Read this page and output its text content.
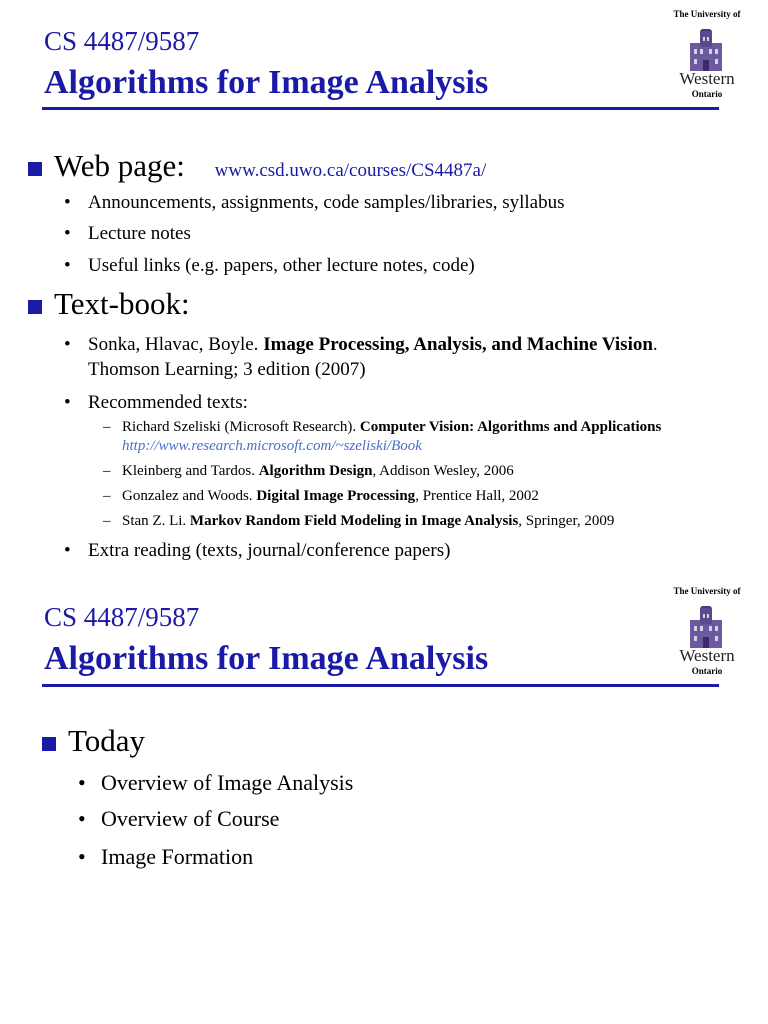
CS 4487/9587
Algorithms for Image Analysis
The University of
Western
Ontario
Web page: www.csd.uwo.ca/courses/CS4487a/
• Announcements, assignments, code samples/libraries, syllabus
• Lecture notes
• Useful links (e.g. papers, other lecture notes, code)
Text-book:
• Sonka, Hlavac, Boyle. Image Processing, Analysis, and Machine Vision.
Thomson Learning; 3 edition (2007)
• Recommended texts:
– Richard Szeliski (Microsoft Research). Computer Vision: Algorithms and Applications
http://www.research.microsoft.com/~szeliski/Book
– Kleinberg and Tardos. Algorithm Design, Addison Wesley, 2006
– Gonzalez and Woods. Digital Image Processing, Prentice Hall, 2002
– Stan Z. Li. Markov Random Field Modeling in Image Analysis, Springer, 2009
• Extra reading (texts, journal/conference papers)
CS 4487/9587
Algorithms for Image Analysis
The University of
Western
Ontario
Today
• Overview of Image Analysis
• Overview of Course
• Image Formation
